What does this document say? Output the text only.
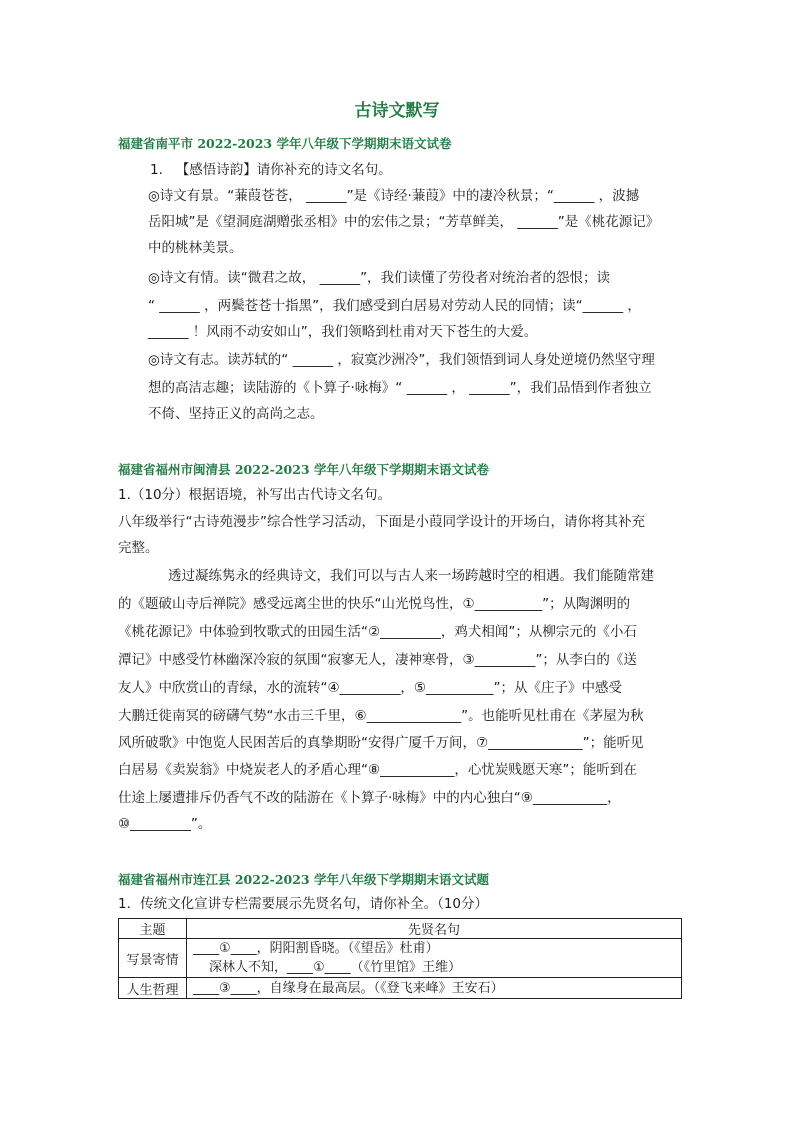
古诗文默写
福建省南平市 2022-2023 学年八年级下学期期末语文试卷
1. 【感悟诗韵】请你补充的诗文名句。
◎诗文有景。“蒹葭苍苍， ______”是《诗经·蒹葭》中的凄冷秋景；“______ ，波撼
岳阳城”是《望洞庭湖赠张丞相》中的宏伟之景；“芳草鲜美， ______”是《桃花源记》
中的桃林美景。
◎诗文有情。读“微君之故， ______”，我们读懂了劳役者对统治者的怨恨；读
“ ______ ，两鬓苍苍十指黑”，我们感受到白居易对劳动人民的同情；读“______ ，
______ ！风雨不动安如山”，我们领略到杜甫对天下苍生的大爱。
◎诗文有志。读苏轼的“ ______ ，寂寞沙洲冷”，我们领悟到词人身处逆境仍然坚守理
想的高洁志趣；读陆游的《卜算子·咏梅》“ ______ ， ______”，我们品悟到作者独立
不倚、坚持正义的高尚之志。
福建省福州市闽清县 2022-2023 学年八年级下学期期末语文试卷
1.（10分）根据语境，补写出古代诗文名句。
八年级举行“古诗苑漫步”综合性学习活动，下面是小葭同学设计的开场白，请你将其补充
完整。
透过凝练隽永的经典诗文，我们可以与古人来一场跨越时空的相遇。我们能随常建
的《题破山寺后禅院》感受远离尘世的快乐“山光悦鸟性，①__________”；从陶渊明的
《桃花源记》中体验到牧歌式的田园生活“②_________，鸡犬相闻”；从柳宗元的《小石
潭记》中感受竹林幽深冷寂的氛围“寂寥无人，凄神寒骨，③_________”；从李白的《送
友人》中欣赏山的青绿，水的流转“④_________，⑤__________”；从《庄子》中感受
大鹏迁徙南冥的磅礴气势“水击三千里，⑥______________”。也能听见杜甫在《茅屋为秋
风所破歌》中饱览人民困苦后的真挚期盼“安得广厦千万间，⑦______________”；能听见
白居易《卖炭翁》中烧炭老人的矛盾心理“⑧___________，心忧炭贱愿天寒”；能听到在
仕途上屡遭排斥仍香气不改的陆游在《卜算子·咏梅》中的内心独白“⑨___________，
⑩_________”。
福建省福州市连江县 2022-2023 学年八年级下学期期末语文试题
1．传统文化宣讲专栏需要展示先贤名句，请你补全。（10分）
主题	先贤名句
写景寄情	____①____，阴阳割昏晓。（《望岳》杜甫）
深林人不知，____①____（《竹里馆》王维）

人生哲理	____③____，自缘身在最高层。（《登飞来峰》王安石）
